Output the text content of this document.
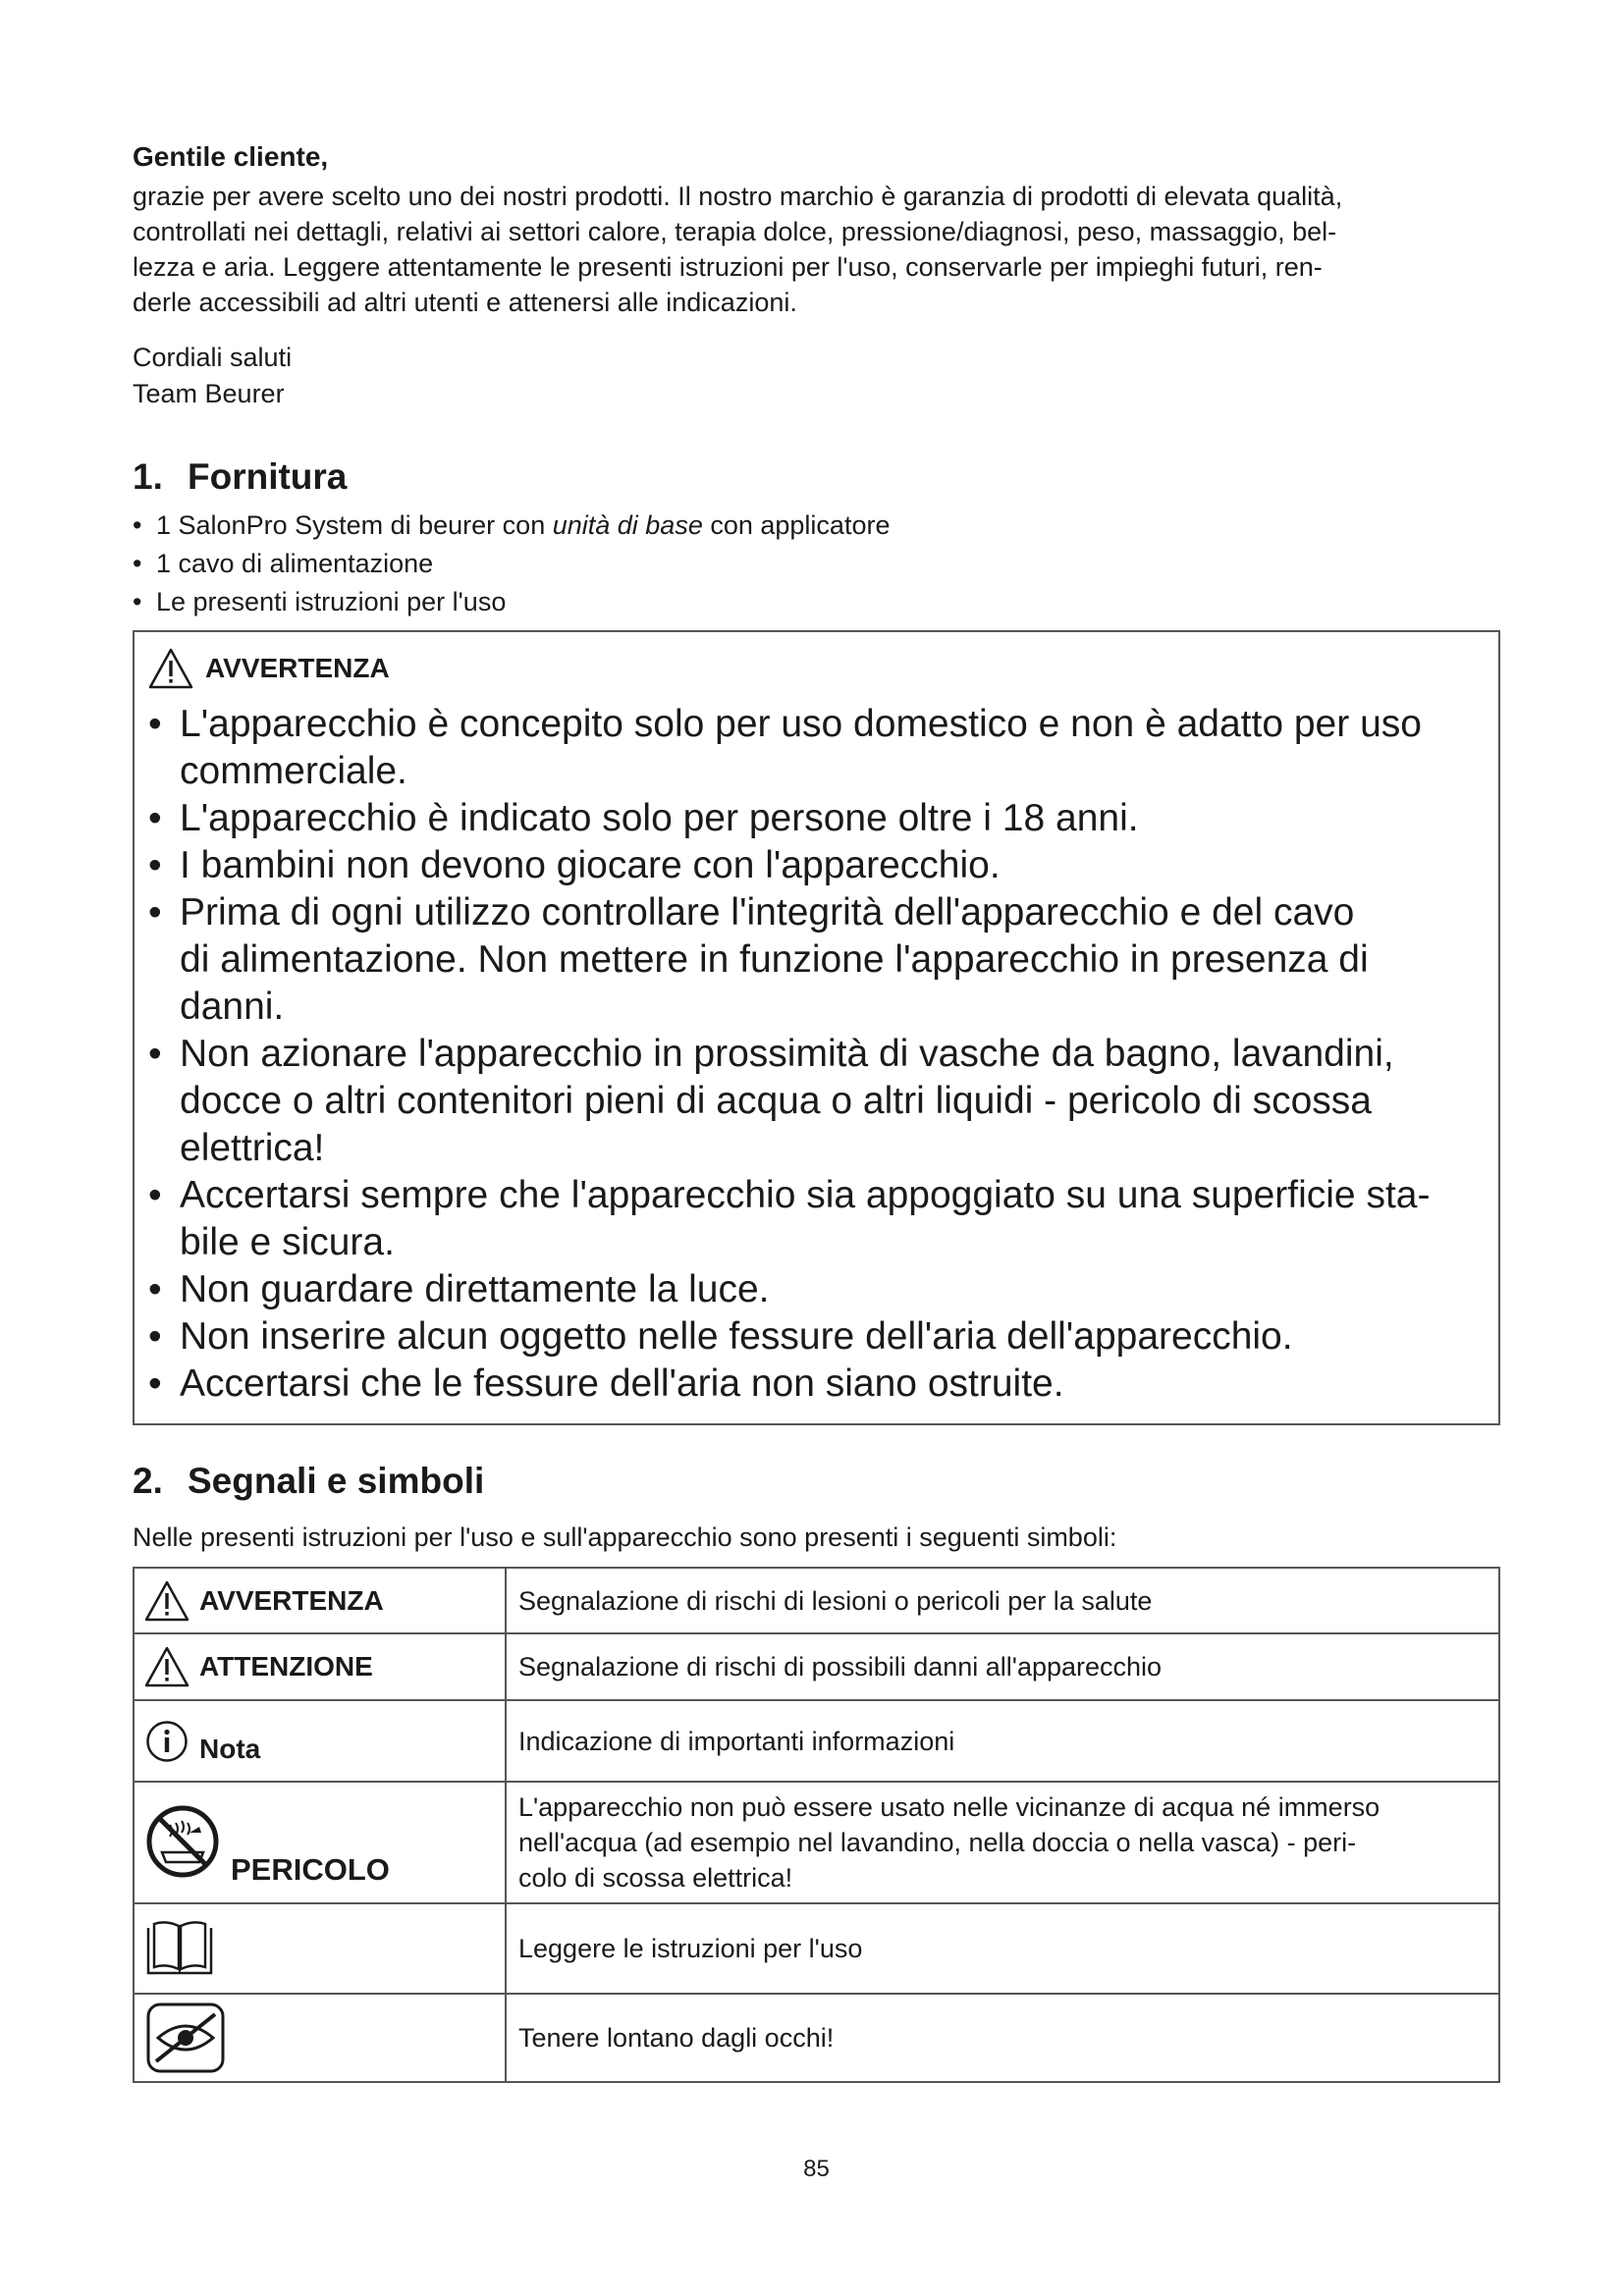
Gentile cliente,

grazie per avere scelto uno dei nostri prodotti. Il nostro marchio è garanzia di prodotti di elevata qualità,

controllati nei dettagli, relativi ai settori calore, terapia dolce, pressione/diagnosi, peso, massaggio, bel-

lezza e aria. Leggere attentamente le presenti istruzioni per l'uso, conservarle per impieghi futuri, ren-

derle accessibili ad altri utenti e attenersi alle indicazioni.

Cordiali saluti
Team Beurer
1. Fornitura
• 1 SalonPro System di beurer con unità di base con applicatore
• 1 cavo di alimentazione
• Le presenti istruzioni per l'uso
AVVERTENZA
• L'apparecchio è concepito solo per uso domestico e non è adatto per uso
commerciale.
• L'apparecchio è indicato solo per persone oltre i 18 anni.
• I bambini non devono giocare con l'apparecchio.
• Prima di ogni utilizzo controllare l'integrità dell'apparecchio e del cavo
di alimentazione. Non mettere in funzione l'apparecchio in presenza di
danni.
• Non azionare l'apparecchio in prossimità di vasche da bagno, lavandini,
docce o altri contenitori pieni di acqua o altri liquidi - pericolo di scossa
elettrica!
• Accertarsi sempre che l'apparecchio sia appoggiato su una superficie sta-
bile e sicura.
• Non guardare direttamente la luce.
• Non inserire alcun oggetto nelle fessure dell'aria dell'apparecchio.
• Accertarsi che le fessure dell'aria non siano ostruite.
2. Segnali e simboli
Nelle presenti istruzioni per l'uso e sull'apparecchio sono presenti i seguenti simboli:
AVVERTENZA	Segnalazione di rischi di lesioni o pericoli per la salute

ATTENZIONE	Segnalazione di rischi di possibili danni all'apparecchio

Nota	Indicazione di importanti informazioni

PERICOLO	L'apparecchio non può essere usato nelle vicinanze di acqua né immerso
nell'acqua (ad esempio nel lavandino, nella doccia o nella vasca) - peri-
colo di scossa elettrica!

Leggere le istruzioni per l'uso

Tenere lontano dagli occhi!
85
